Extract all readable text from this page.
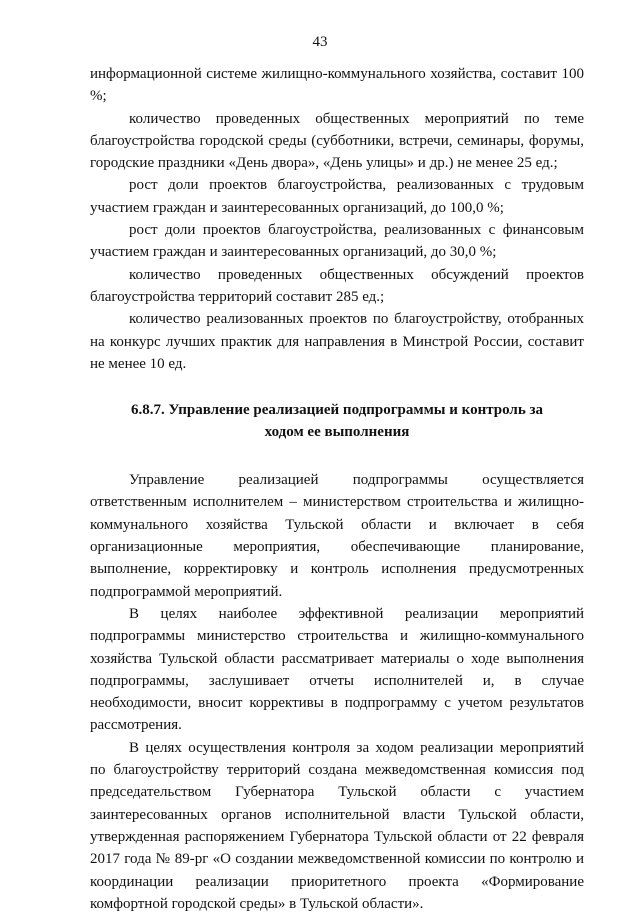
43

информационной системе жилищно-коммунального хозяйства, составит 100 %;

количество проведенных общественных мероприятий по теме благоустройства городской среды (субботники, встречи, семинары, форумы, городские праздники «День двора», «День улицы» и др.) не менее 25 ед.;

рост доли проектов благоустройства, реализованных с трудовым участием граждан и заинтересованных организаций, до 100,0 %;

рост доли проектов благоустройства, реализованных с финансовым участием граждан и заинтересованных организаций, до 30,0 %;

количество проведенных общественных обсуждений проектов благоустройства территорий составит 285 ед.;

количество реализованных проектов по благоустройству, отобранных на конкурс лучших практик для направления в Минстрой России, составит не менее 10 ед.

6.8.7. Управление реализацией подпрограммы и контроль за
ходом ее выполнения

Управление реализацией подпрограммы осуществляется ответственным исполнителем – министерством строительства и жилищно-коммунального хозяйства Тульской области и включает в себя организационные мероприятия, обеспечивающие планирование, выполнение, корректировку и контроль исполнения предусмотренных подпрограммой мероприятий.

В целях наиболее эффективной реализации мероприятий подпрограммы министерство строительства и жилищно-коммунального хозяйства Тульской области рассматривает материалы о ходе выполнения подпрограммы, заслушивает отчеты исполнителей и, в случае необходимости, вносит коррективы в подпрограмму с учетом результатов рассмотрения.

В целях осуществления контроля за ходом реализации мероприятий по благоустройству территорий создана межведомственная комиссия под председательством Губернатора Тульской области с участием заинтересованных органов исполнительной власти Тульской области, утвержденная распоряжением Губернатора Тульской области от 22 февраля 2017 года № 89-рг «О создании межведомственной комиссии по контролю и координации реализации приоритетного проекта «Формирование комфортной городской среды» в Тульской области».
